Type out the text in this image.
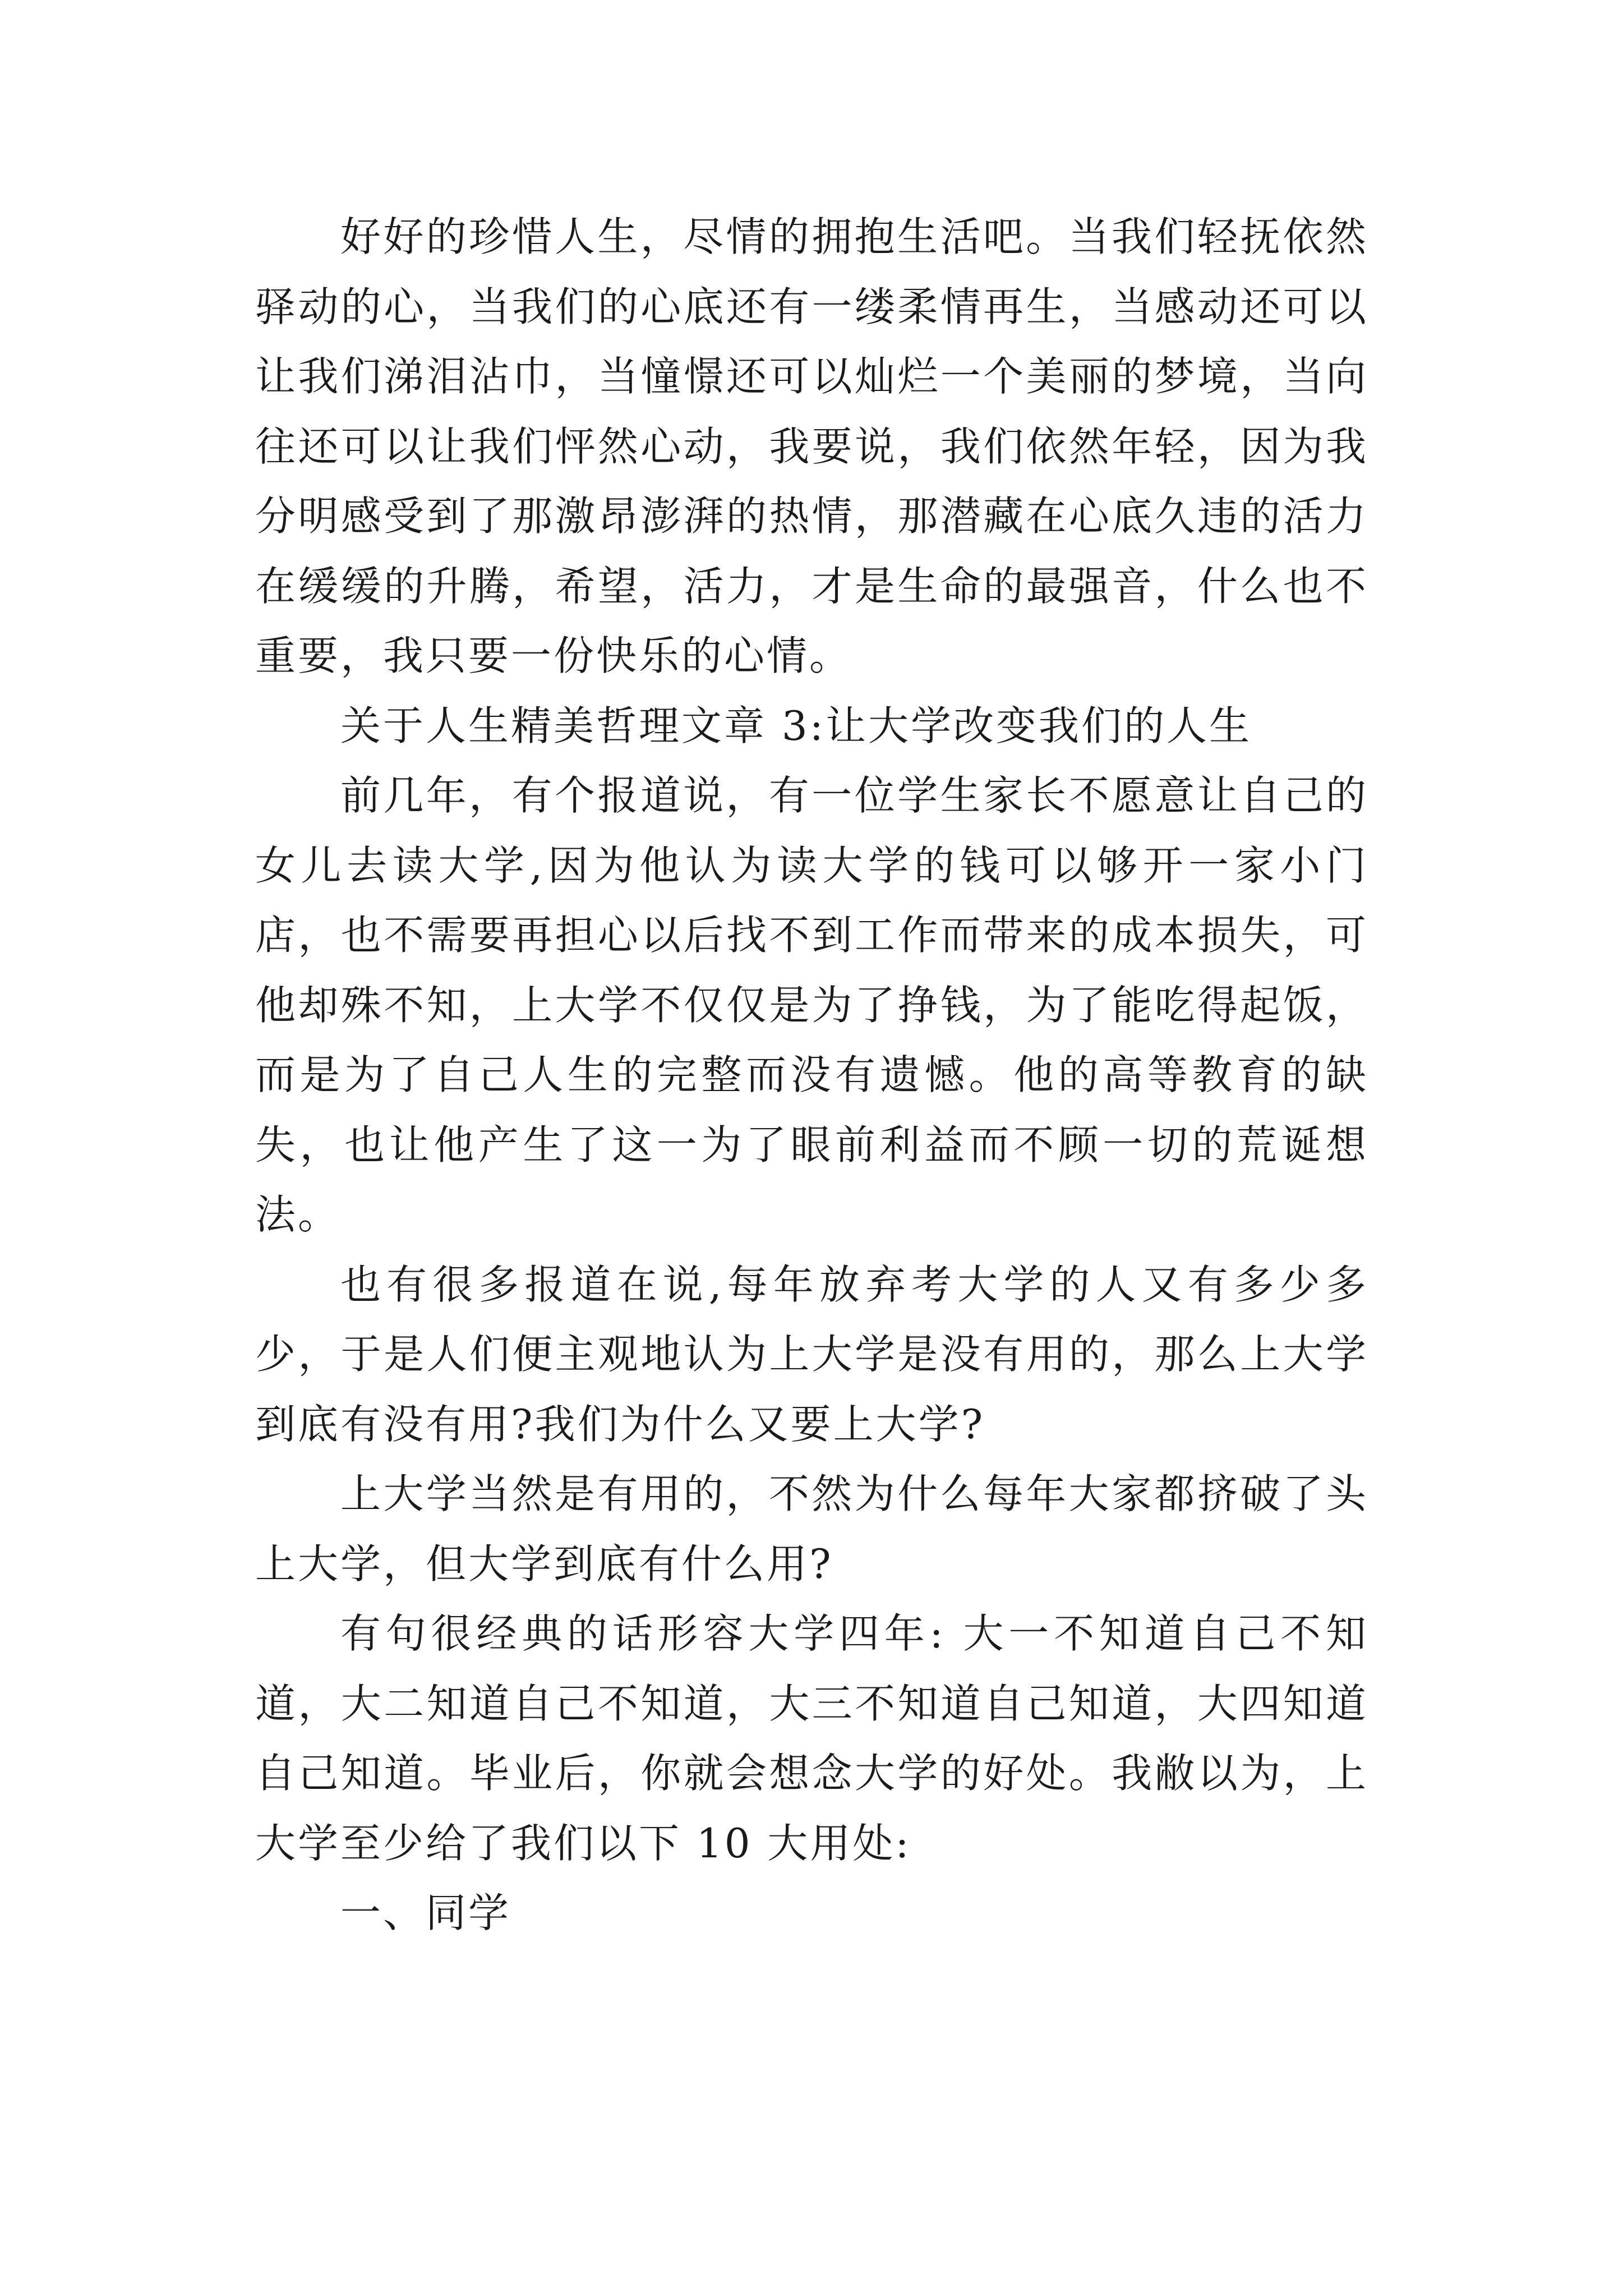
好好的珍惜人生，尽情的拥抱生活吧。当我们轻抚依然驿动的心，当我们的心底还有一缕柔情再生，当感动还可以让我们涕泪沾巾，当憧憬还可以灿烂一个美丽的梦境，当向往还可以让我们怦然心动，我要说，我们依然年轻，因为我分明感受到了那激昂澎湃的热情，那潜藏在心底久违的活力在缓缓的升腾，希望，活力，才是生命的最强音，什么也不重要，我只要一份快乐的心情。

关于人生精美哲理文章 3:让大学改变我们的人生

前几年，有个报道说，有一位学生家长不愿意让自己的女儿去读大学,因为他认为读大学的钱可以够开一家小门店，也不需要再担心以后找不到工作而带来的成本损失，可他却殊不知，上大学不仅仅是为了挣钱，为了能吃得起饭，而是为了自己人生的完整而没有遗憾。他的高等教育的缺失，也让他产生了这一为了眼前利益而不顾一切的荒诞想法。

也有很多报道在说,每年放弃考大学的人又有多少多少，于是人们便主观地认为上大学是没有用的，那么上大学到底有没有用?我们为什么又要上大学?

上大学当然是有用的，不然为什么每年大家都挤破了头上大学，但大学到底有什么用?

有句很经典的话形容大学四年: 大一不知道自己不知道，大二知道自己不知道，大三不知道自己知道，大四知道自己知道。毕业后，你就会想念大学的好处。我敝以为，上大学至少给了我们以下 10 大用处:

一、同学
